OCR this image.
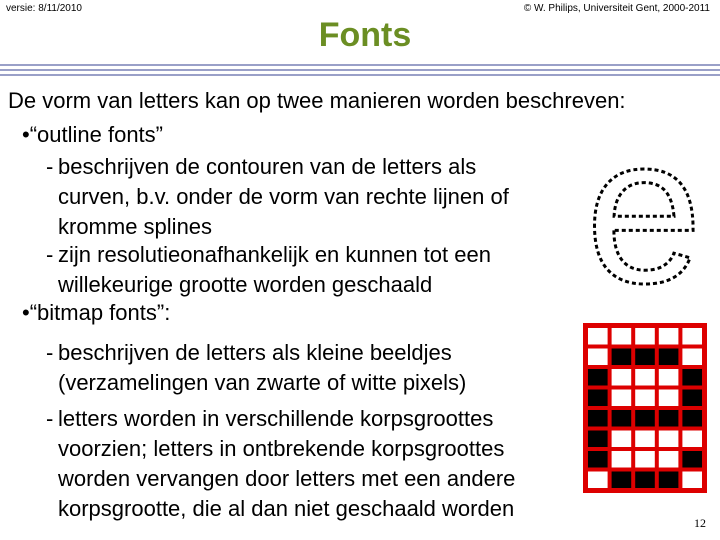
versie: 8/11/2010	© W. Philips, Universiteit Gent, 2000-2011
Fonts
De vorm van letters kan op twee manieren worden beschreven:
•“outline fonts”
- beschrijven de contouren van de letters als
curven, b.v. onder de vorm van rechte lijnen of
kromme splines
- zijn resolutieonafhankelijk en kunnen tot een
willekeurige grootte worden geschaald
•“bitmap fonts”:
- beschrijven de letters als kleine beeldjes
(verzamelingen van zwarte of witte pixels)
- letters worden in verschillende korpsgroottes
voorzien; letters in ontbrekende korpsgroottes
worden vervangen door letters met een andere
korpsgrootte, die al dan niet geschaald worden
e
12
